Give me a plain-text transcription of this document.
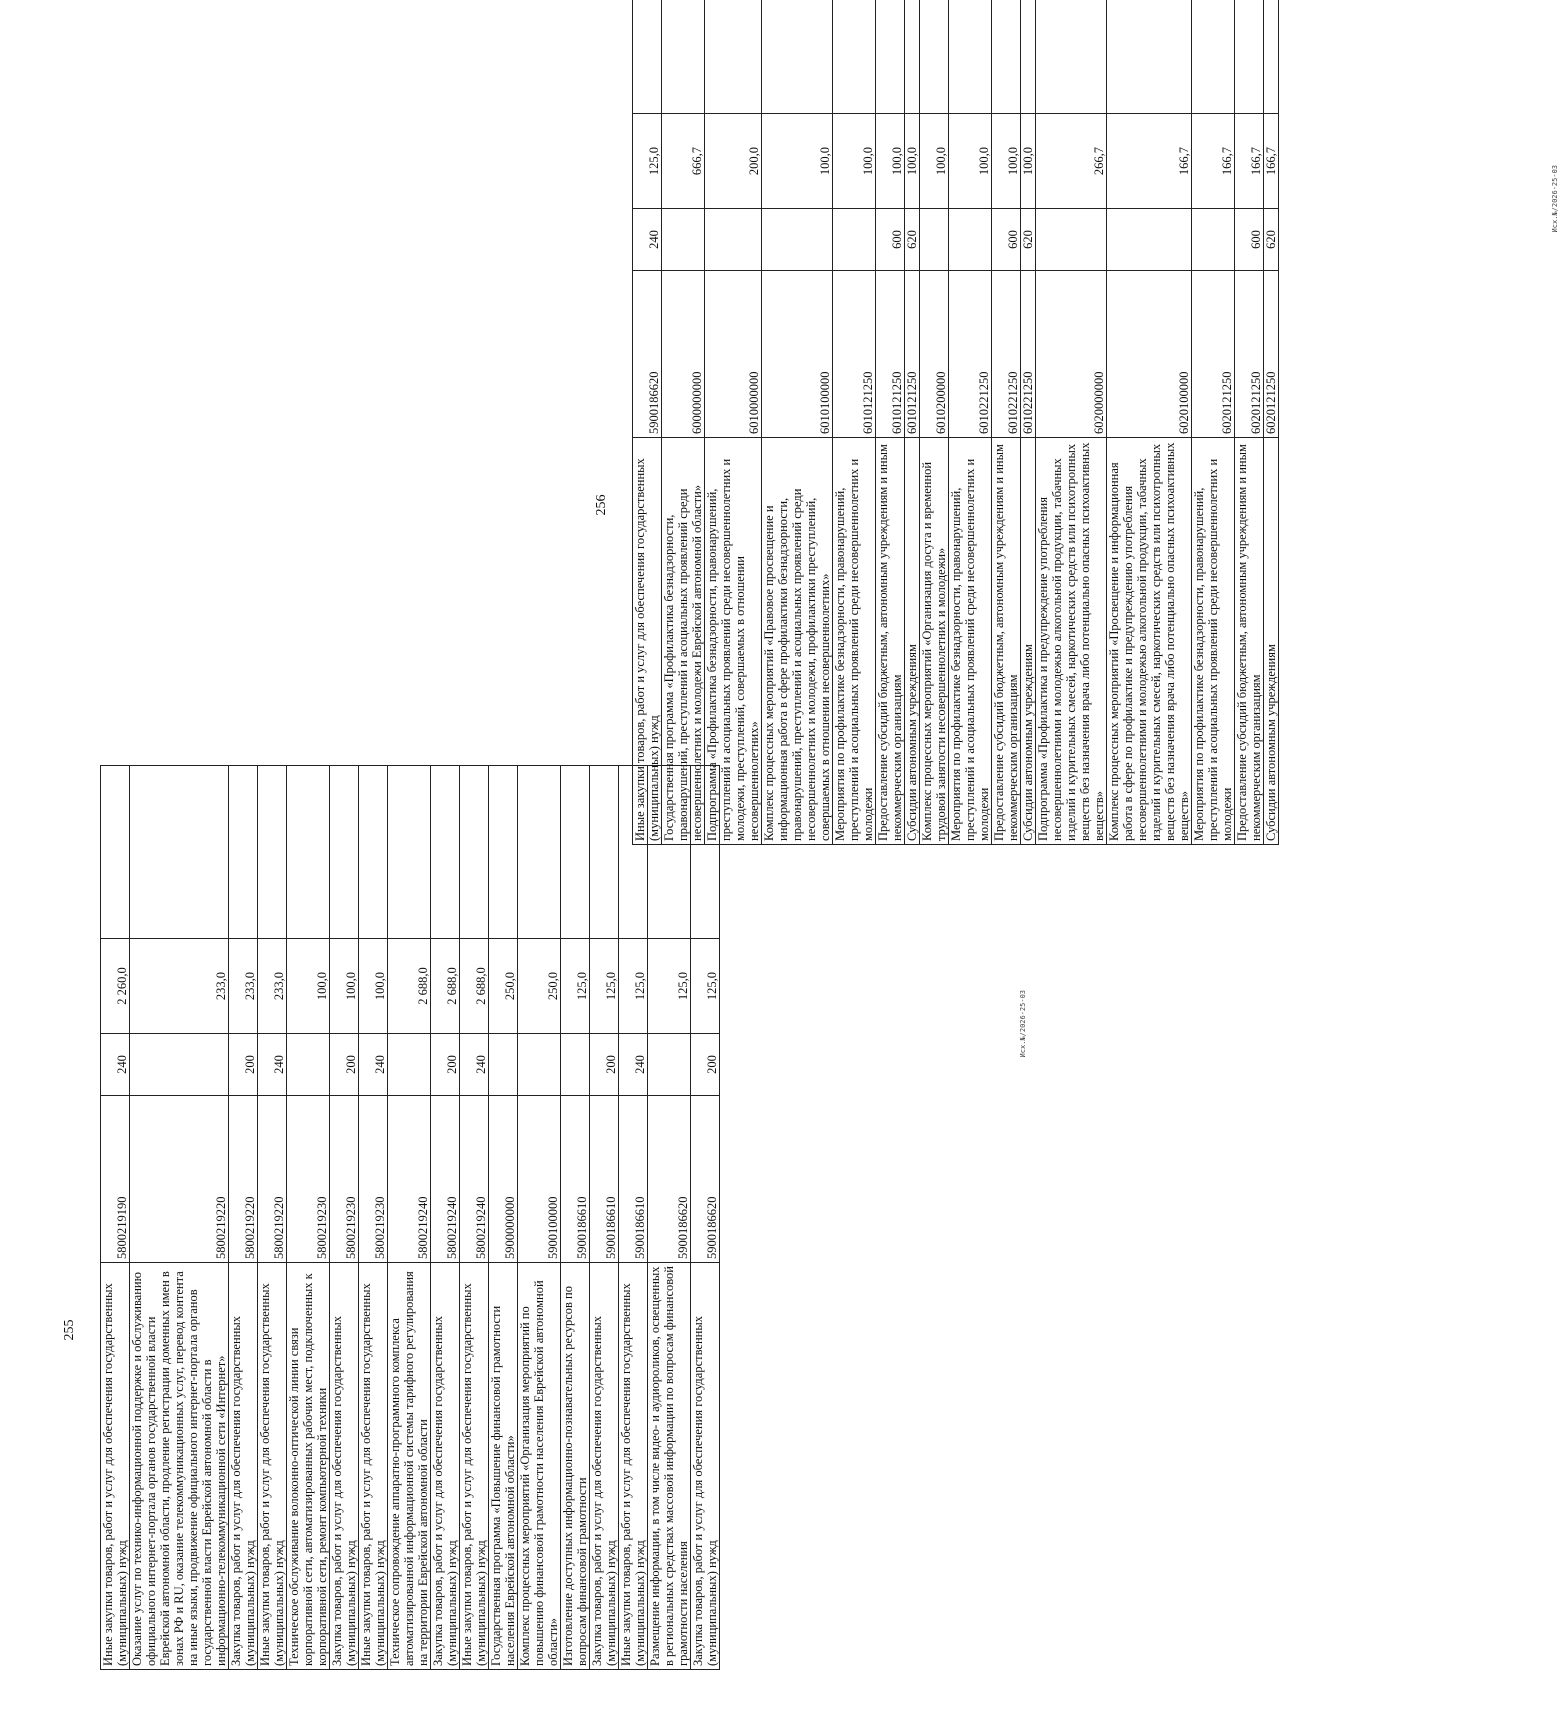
255 Иные закупки товаров, работ и услуг для обеспечения государственных (муниципальных) нужд	5800219190	240	2 260,0	
Оказание услуг по технико-информационной поддержке и обслуживанию официального интернет-портала органов государственной власти Еврейской автономной области, продление регистрации доменных имен в зонах РФ и RU, оказание телекоммуникационных услуг, перевод контента на иные языки, продвижение официального интернет-портала органов государственной власти Еврейской автономной области в информационно-телекоммуникационной сети «Интернет»	5800219220		233,0	
Закупка товаров, работ и услуг для обеспечения государственных (муниципальных) нужд	5800219220	200	233,0	
Иные закупки товаров, работ и услуг для обеспечения государственных (муниципальных) нужд	5800219220	240	233,0	
Техническое обслуживание волоконно-оптической линии связи корпоративной сети, автоматизированных рабочих мест, подключенных к корпоративной сети, ремонт компьютерной техники	5800219230		100,0	
Закупка товаров, работ и услуг для обеспечения государственных (муниципальных) нужд	5800219230	200	100,0	
Иные закупки товаров, работ и услуг для обеспечения государственных (муниципальных) нужд	5800219230	240	100,0	
Техническое сопровождение аппаратно-программного комплекса автоматизированной информационной системы тарифного регулирования на территории Еврейской автономной области	5800219240		2 688,0	
Закупка товаров, работ и услуг для обеспечения государственных (муниципальных) нужд	5800219240	200	2 688,0	
Иные закупки товаров, работ и услуг для обеспечения государственных (муниципальных) нужд	5800219240	240	2 688,0	
Государственная программа «Повышение финансовой грамотности населения Еврейской автономной области»	5900000000		250,0	
Комплекс процессных мероприятий «Организация мероприятий по повышению финансовой грамотности населения Еврейской автономной области»	5900100000		250,0	
Изготовление доступных информационно-познавательных ресурсов по вопросам финансовой грамотности	5900186610		125,0	
Закупка товаров, работ и услуг для обеспечения государственных (муниципальных) нужд	5900186610	200	125,0	
Иные закупки товаров, работ и услуг для обеспечения государственных (муниципальных) нужд	5900186610	240	125,0	
Размещение информации, в том числе видео- и аудиороликов, освещенных в региональных средствах массовой информации по вопросам финансовой грамотности населения	5900186620		125,0	
Закупка товаров, работ и услуг для обеспечения государственных (муниципальных) нужд	5900186620	200	125,0	
Исх.№/2026-25-03
256 Иные закупки товаров, работ и услуг для обеспечения государственных (муниципальных) нужд	5900186620	240	125,0	
Государственная программа «Профилактика безнадзорности, правонарушений, преступлений и асоциальных проявлений среди несовершеннолетних и молодежи Еврейской автономной области»	6000000000		666,7	
Подпрограмма «Профилактика безнадзорности, правонарушений, преступлений и асоциальных проявлений среди несовершеннолетних и молодежи, преступлений, совершаемых в отношении несовершеннолетних»	6010000000		200,0	
Комплекс процессных мероприятий «Правовое просвещение и информационная работа в сфере профилактики безнадзорности, правонарушений, преступлений и асоциальных проявлений среди несовершеннолетних и молодежи, профилактики преступлений, совершаемых в отношении несовершеннолетних»	6010100000		100,0	
Мероприятия по профилактике безнадзорности, правонарушений, преступлений и асоциальных проявлений среди несовершеннолетних и молодежи	6010121250		100,0	
Предоставление субсидий бюджетным, автономным учреждениям и иным некоммерческим организациям	6010121250	600	100,0	
Субсидии автономным учреждениям	6010121250	620	100,0	
Комплекс процессных мероприятий «Организация досуга и временной трудовой занятости несовершеннолетних и молодежи»	6010200000		100,0	
Мероприятия по профилактике безнадзорности, правонарушений, преступлений и асоциальных проявлений среди несовершеннолетних и молодежи	6010221250		100,0	
Предоставление субсидий бюджетным, автономным учреждениям и иным некоммерческим организациям	6010221250	600	100,0	
Субсидии автономным учреждениям	6010221250	620	100,0	
Подпрограмма «Профилактика и предупреждение употребления несовершеннолетними и молодежью алкогольной продукции, табачных изделий и курительных смесей, наркотических средств или психотропных веществ без назначения врача либо потенциально опасных психоактивных веществ»	6020000000		266,7	
Комплекс процессных мероприятий «Просвещение и информационная работа в сфере по профилактике и предупреждению употребления несовершеннолетними и молодежью алкогольной продукции, табачных изделий и курительных смесей, наркотических средств или психотропных веществ без назначения врача либо потенциально опасных психоактивных веществ»	6020100000		166,7	
Мероприятия по профилактике безнадзорности, правонарушений, преступлений и асоциальных проявлений среди несовершеннолетних и молодежи	6020121250		166,7	
Предоставление субсидий бюджетным, автономным учреждениям и иным некоммерческим организациям	6020121250	600	166,7	
Субсидии автономным учреждениям	6020121250	620	166,7	
Исх.№/2026-25-03
